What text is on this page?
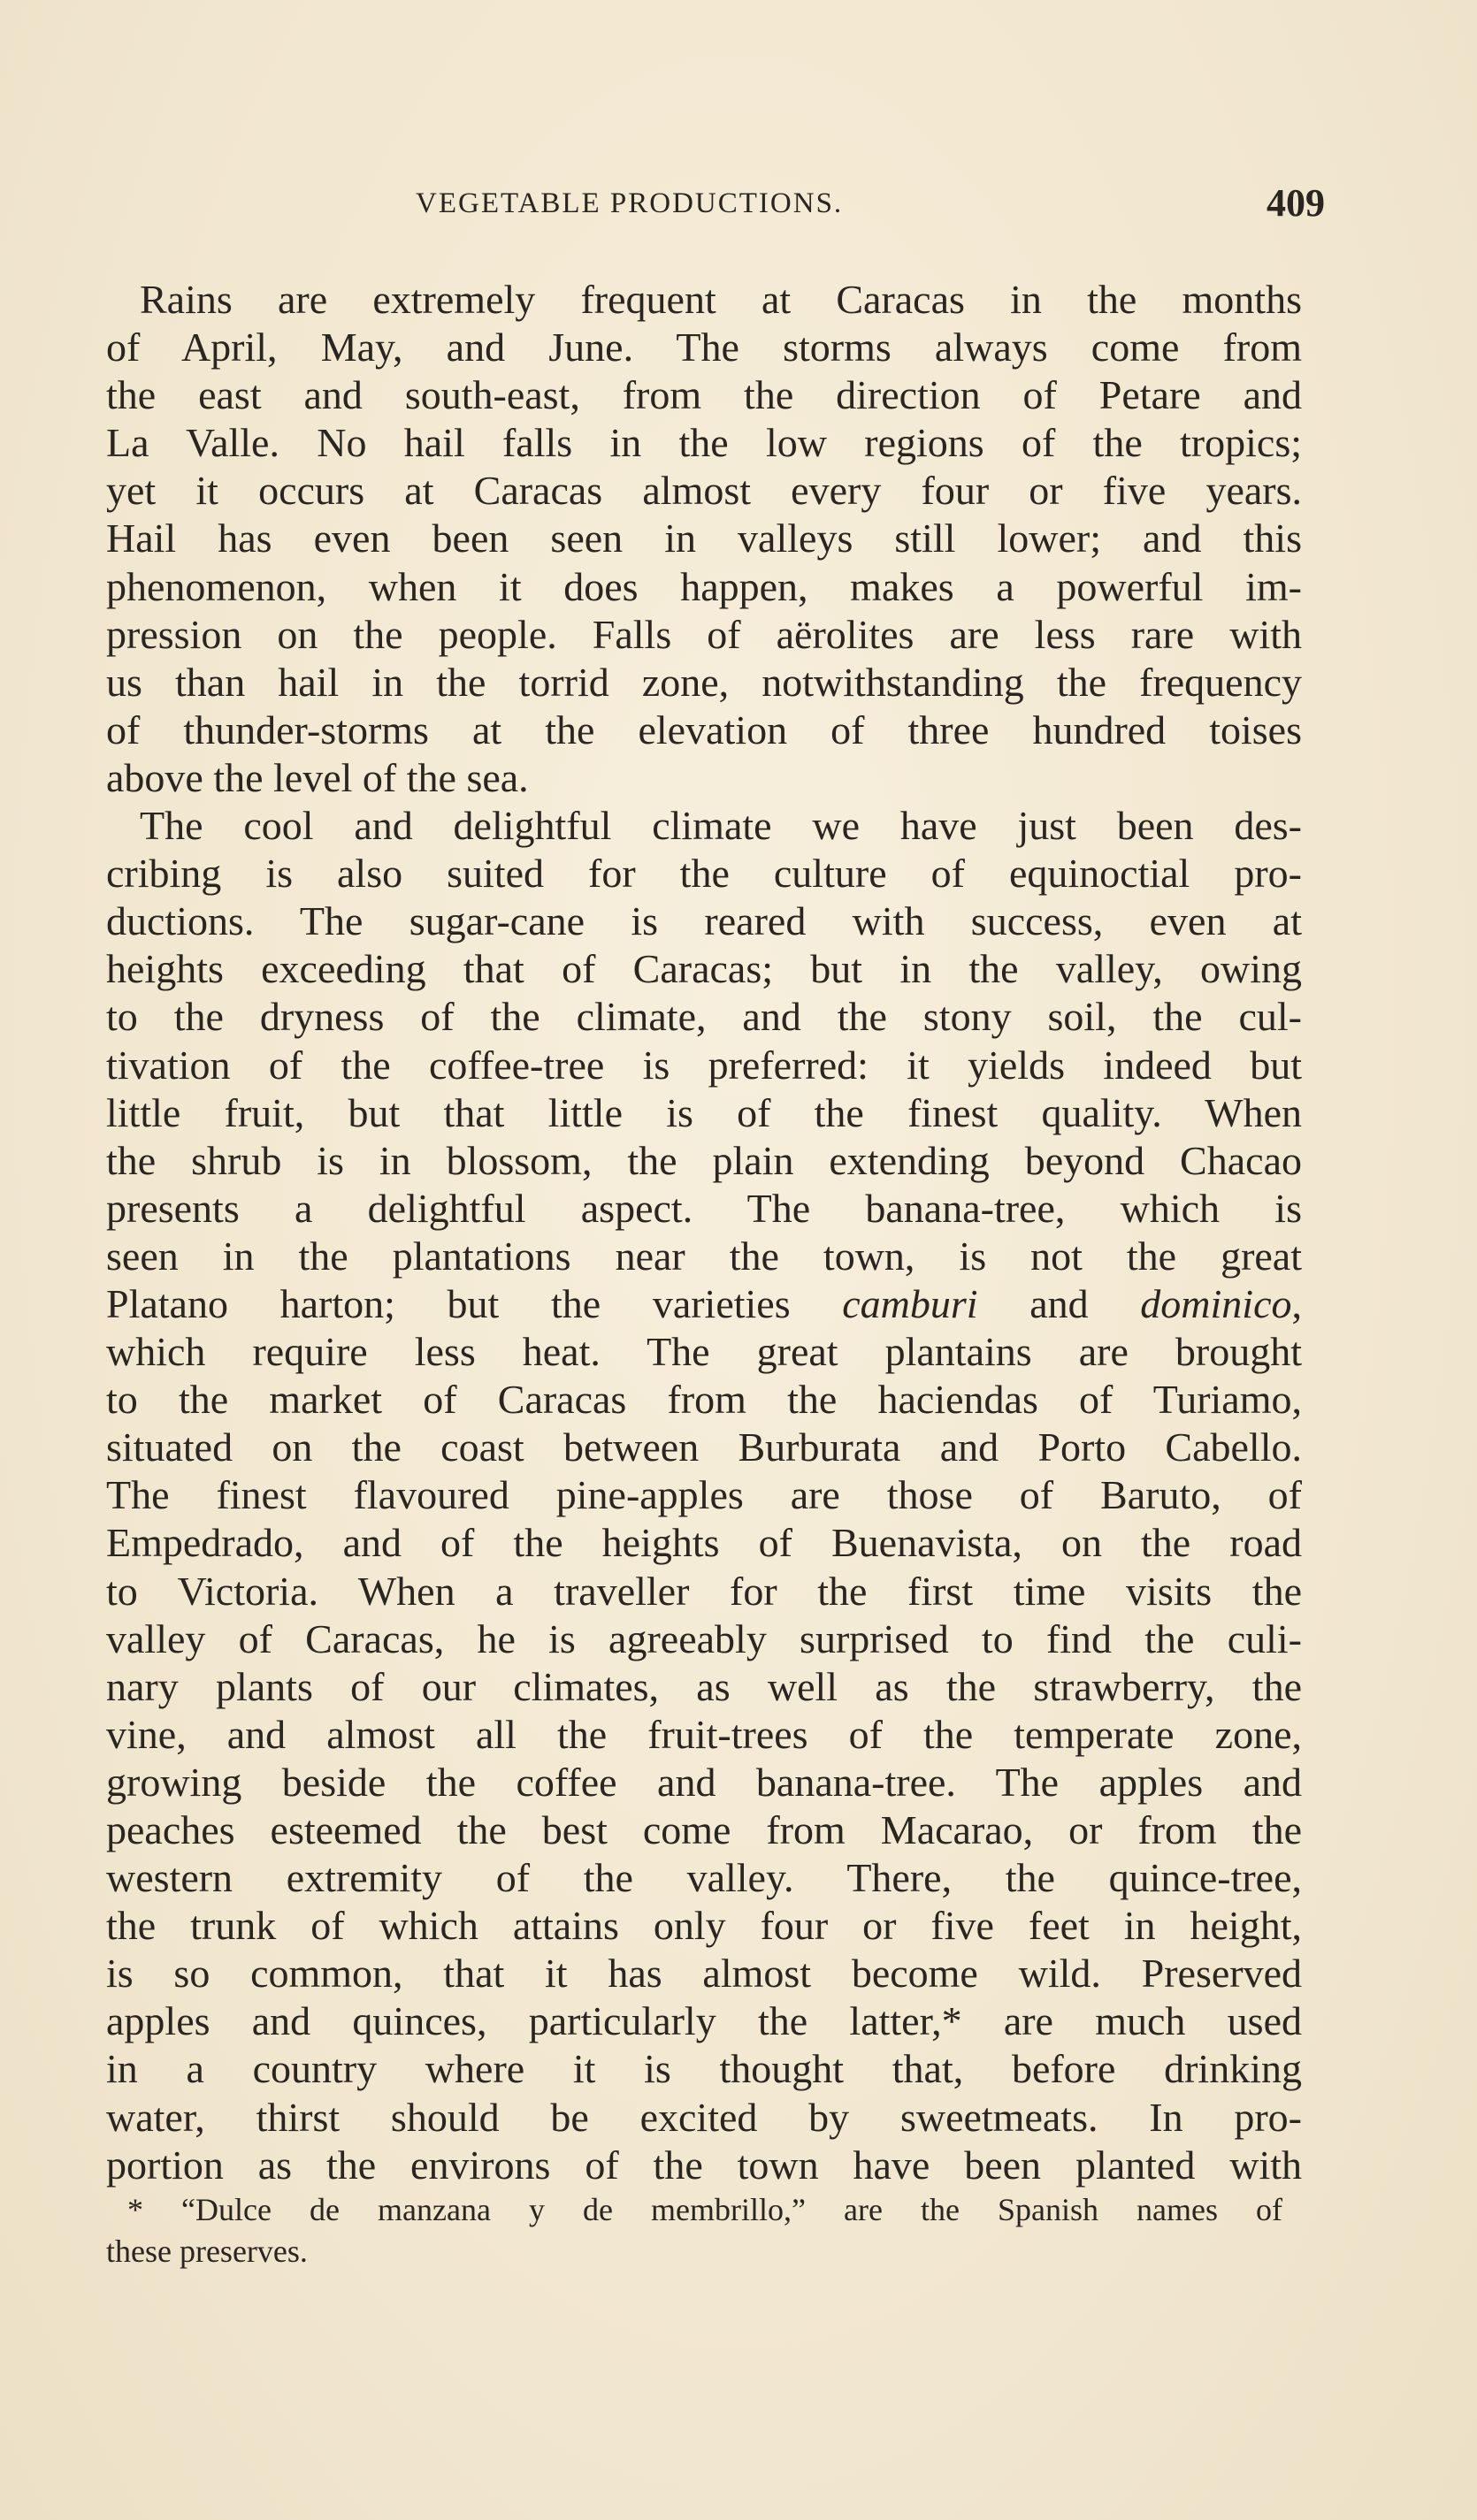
VEGETABLE PRODUCTIONS.	409
Rains are extremely frequent at Caracas in the months
of April, May, and June. The storms always come from
the east and south-east, from the direction of Petare and
La Valle. No hail falls in the low regions of the tropics;
yet it occurs at Caracas almost every four or five years.
Hail has even been seen in valleys still lower; and this
phenomenon, when it does happen, makes a powerful im-
pression on the people. Falls of aërolites are less rare with
us than hail in the torrid zone, notwithstanding the frequency
of thunder-storms at the elevation of three hundred toises
above the level of the sea.
The cool and delightful climate we have just been des-
cribing is also suited for the culture of equinoctial pro-
ductions. The sugar-cane is reared with success, even at
heights exceeding that of Caracas; but in the valley, owing
to the dryness of the climate, and the stony soil, the cul-
tivation of the coffee-tree is preferred: it yields indeed but
little fruit, but that little is of the finest quality. When
the shrub is in blossom, the plain extending beyond Chacao
presents a delightful aspect. The banana-tree, which is
seen in the plantations near the town, is not the great
Platano harton; but the varieties camburi and dominico,
which require less heat. The great plantains are brought
to the market of Caracas from the haciendas of Turiamo,
situated on the coast between Burburata and Porto Cabello.
The finest flavoured pine-apples are those of Baruto, of
Empedrado, and of the heights of Buenavista, on the road
to Victoria. When a traveller for the first time visits the
valley of Caracas, he is agreeably surprised to find the culi-
nary plants of our climates, as well as the strawberry, the
vine, and almost all the fruit-trees of the temperate zone,
growing beside the coffee and banana-tree. The apples and
peaches esteemed the best come from Macarao, or from the
western extremity of the valley. There, the quince-tree,
the trunk of which attains only four or five feet in height,
is so common, that it has almost become wild. Preserved
apples and quinces, particularly the latter,* are much used
in a country where it is thought that, before drinking
water, thirst should be excited by sweetmeats. In pro-
portion as the environs of the town have been planted with
* “Dulce de manzana y de membrillo,” are the Spanish names of
these preserves.
